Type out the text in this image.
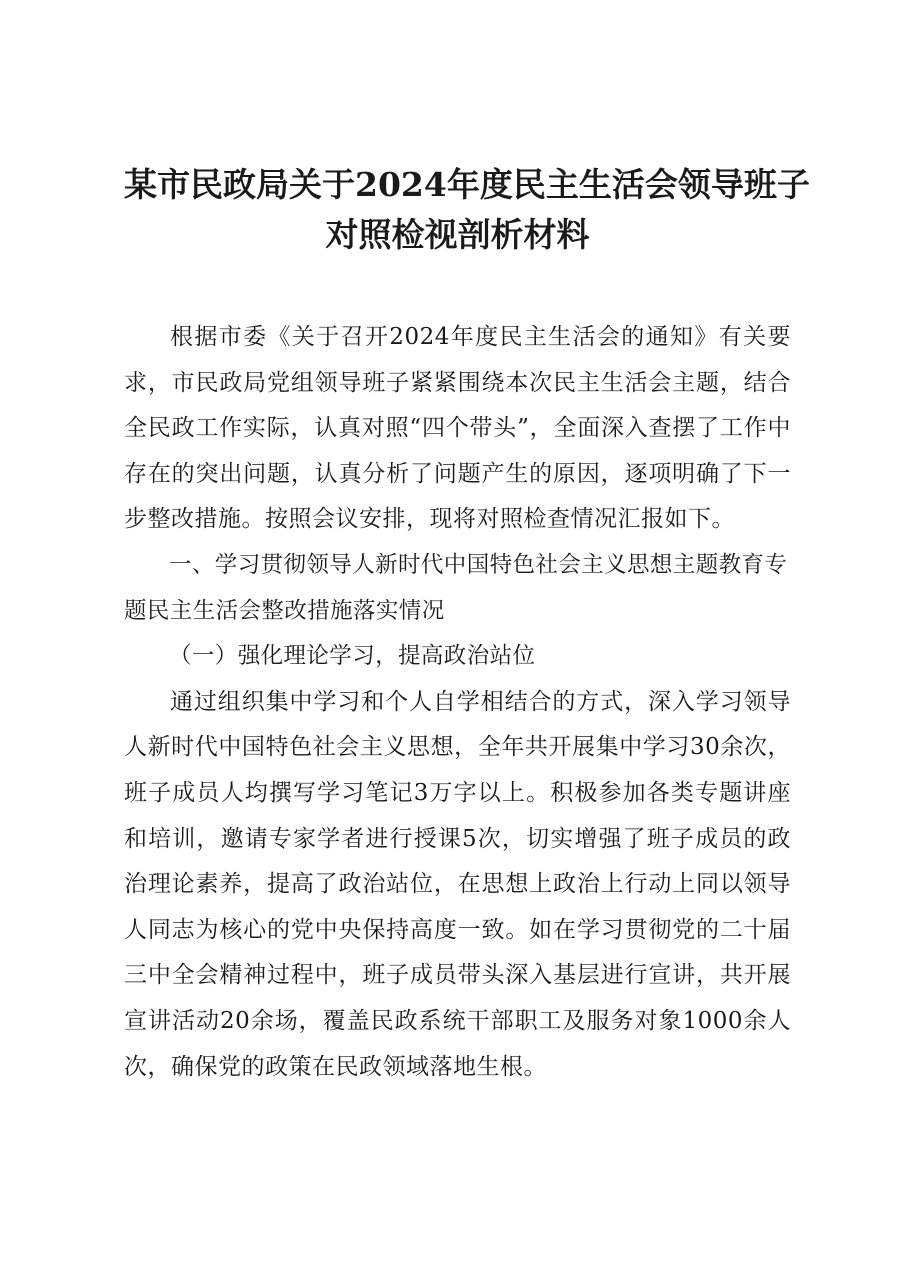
某市民政局关于2024年度民主生活会领导班子
对照检视剖析材料

根据市委《关于召开2024年度民主生活会的通知》有关要求，市民政局党组领导班子紧紧围绕本次民主生活会主题，结合全民政工作实际，认真对照“四个带头”，全面深入查摆了工作中存在的突出问题，认真分析了问题产生的原因，逐项明确了下一步整改措施。按照会议安排，现将对照检查情况汇报如下。

一、学习贯彻领导人新时代中国特色社会主义思想主题教育专题民主生活会整改措施落实情况

（一）强化理论学习，提高政治站位

通过组织集中学习和个人自学相结合的方式，深入学习领导人新时代中国特色社会主义思想，全年共开展集中学习30余次，班子成员人均撰写学习笔记3万字以上。积极参加各类专题讲座和培训，邀请专家学者进行授课5次，切实增强了班子成员的政治理论素养，提高了政治站位，在思想上政治上行动上同以领导人同志为核心的党中央保持高度一致。如在学习贯彻党的二十届三中全会精神过程中，班子成员带头深入基层进行宣讲，共开展宣讲活动20余场，覆盖民政系统干部职工及服务对象1000余人次，确保党的政策在民政领域落地生根。
